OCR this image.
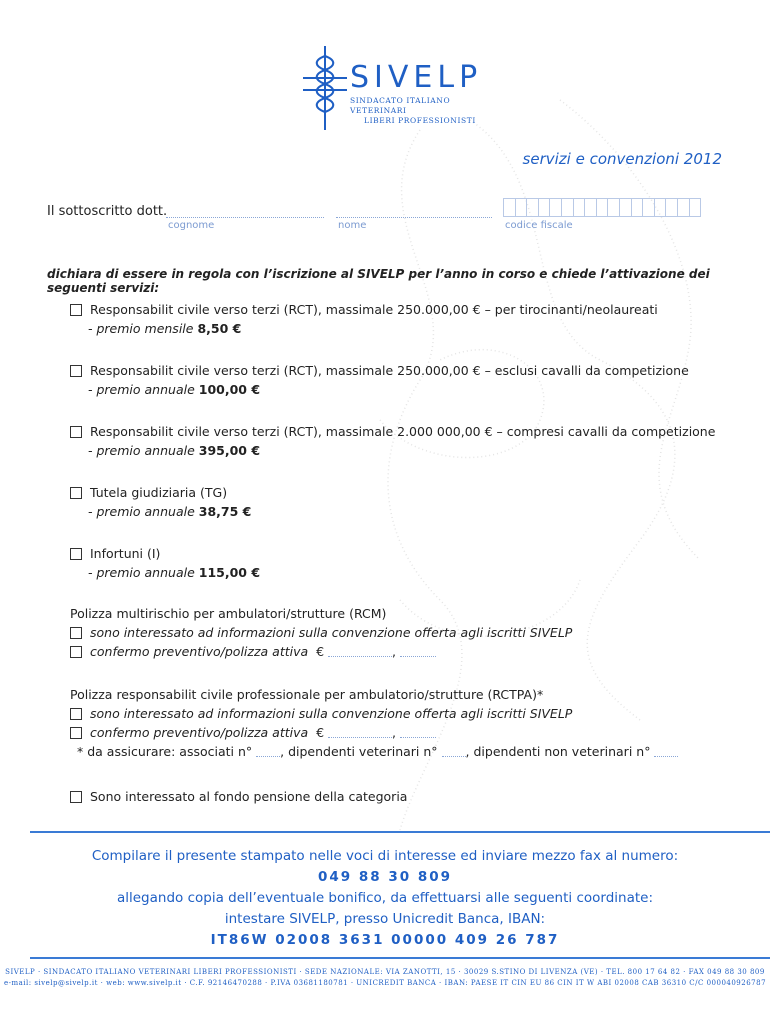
SIVELP
SINDACATO ITALIANO VETERINARI
LIBERI PROFESSIONISTI
servizi e convenzioni 2012
Il sottoscritto dott.
cognome	nome	codice fiscale
dichiara di essere in regola con l’iscrizione al SIVELP per l’anno in corso e chiede l’attivazione dei seguenti servizi:
Responsabilit civile verso terzi (RCT), massimale 250.000,00 € – per tirocinanti/neolaureati
- premio mensile 8,50 €
Responsabilit civile verso terzi (RCT), massimale 250.000,00 € – esclusi cavalli da competizione
- premio annuale 100,00 €
Responsabilit civile verso terzi (RCT), massimale 2.000 000,00 € – compresi cavalli da competizione
- premio annuale 395,00 €
Tutela giudiziaria (TG)
- premio annuale 38,75 €
Infortuni (I)
- premio annuale 115,00 €
Polizza multirischio per ambulatori/strutture (RCM)
sono interessato ad informazioni sulla convenzione offerta agli iscritti SIVELP
confermo preventivo/polizza attiva €	,
Polizza responsabilit civile professionale per ambulatorio/strutture (RCTPA)*
sono interessato ad informazioni sulla convenzione offerta agli iscritti SIVELP
confermo preventivo/polizza attiva €	,
* da assicurare: associati n° , dipendenti veterinari n° , dipendenti non veterinari n°
Sono interessato al fondo pensione della categoria
Compilare il presente stampato nelle voci di interesse ed inviare mezzo fax al numero:
049 88 30 809
allegando copia dell’eventuale bonifico, da effettuarsi alle seguenti coordinate:
intestare SIVELP, presso Unicredit Banca, IBAN:
IT86W 02008 3631 00000 409 26 787
SIVELP · SINDACATO ITALIANO VETERINARI LIBERI PROFESSIONISTI · SEDE NAZIONALE: VIA ZANOTTI, 15 · 30029 S.STINO DI LIVENZA (VE) · TEL. 800 17 64 82 · FAX 049 88 30 809
e-mail: sivelp@sivelp.it · web: www.sivelp.it · C.F. 92146470288 · P.IVA 03681180781 · UNICREDIT BANCA · IBAN: PAESE IT CIN EU 86 CIN IT W ABI 02008 CAB 36310 C/C 000040926787
